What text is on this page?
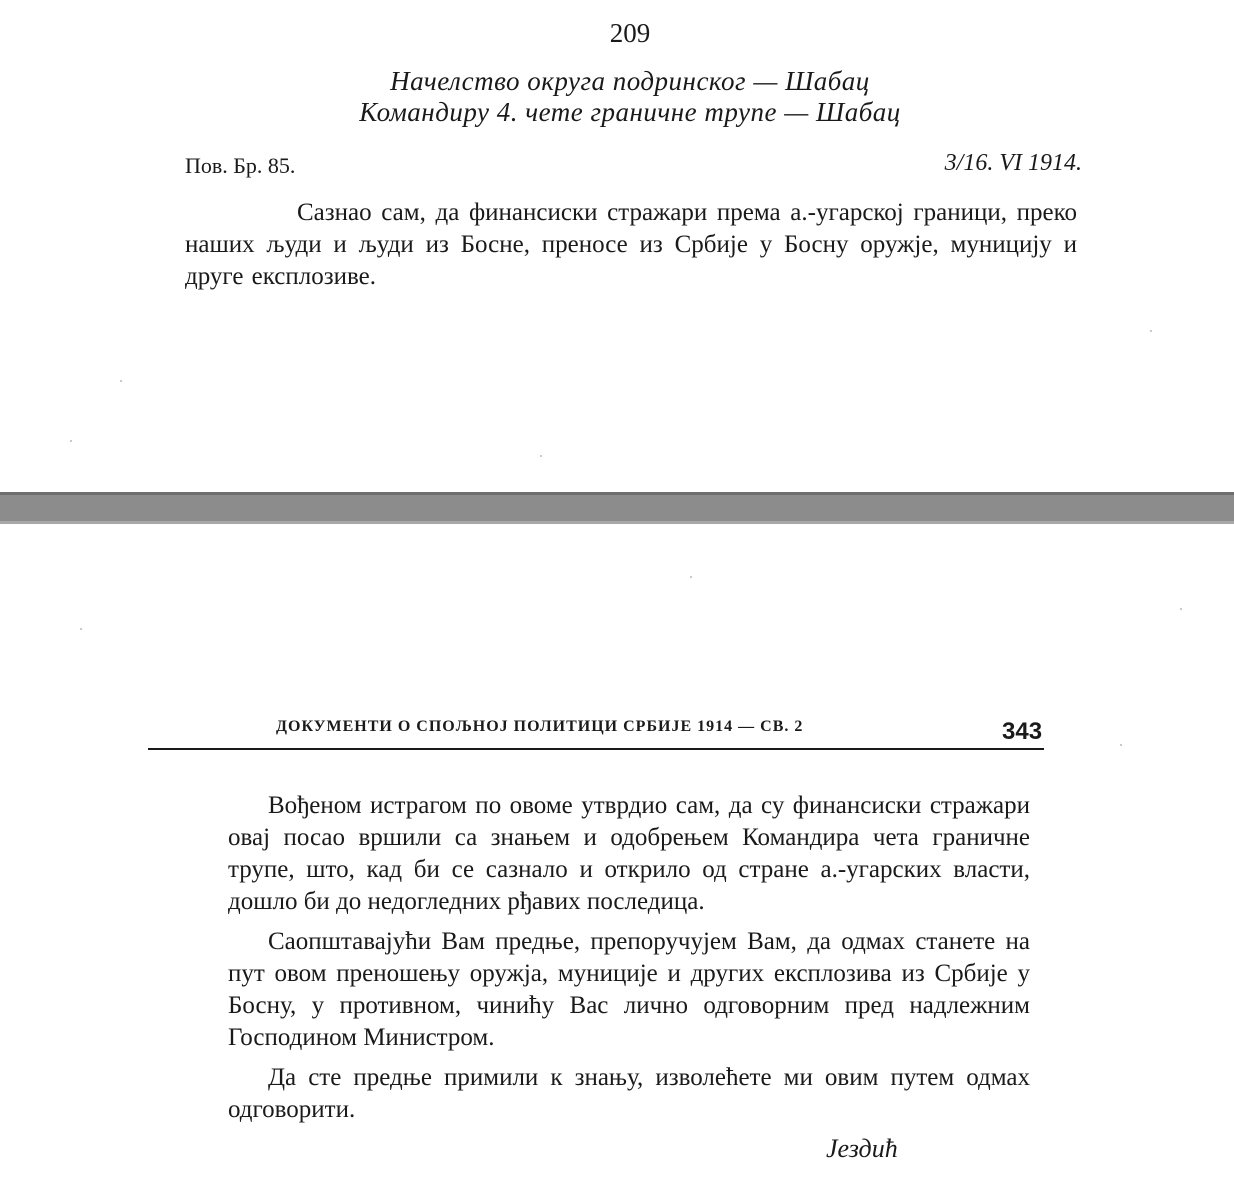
209
Начелство округа подринског — Шабац
Командиру 4. чете граничне трупе — Шабац
Пов. Бр. 85.	3/16. VI 1914.

Сазнао сам, да финансиски стражари према а.-угарској граници, преко наших људи и људи из Босне, преносе из Србије у Босну оружје, муницију и друге експлозиве.

ДОКУМЕНТИ О СПОЉНОЈ ПОЛИТИЦИ СРБИЈЕ 1914 — СВ. 2	343

Вођеном истрагом по овоме утврдио сам, да су финансиски стражари овај посао вршили са знањем и одобрењем Командира чета граничне трупе, што, кад би се сазнало и открило од стране а.-угарских власти, дошло би до недогледних рђавих последица.

Саопштавајући Вам предње, препоручујем Вам, да одмах станете на пут овом преношењу оружја, муниције и других експлозива из Србије у Босну, у противном, чинићу Вас лично одговорним пред надлежним Господином Министром.

Да сте предње примили к знању, изволећете ми овим путем одмах одговорити.

Јездић
